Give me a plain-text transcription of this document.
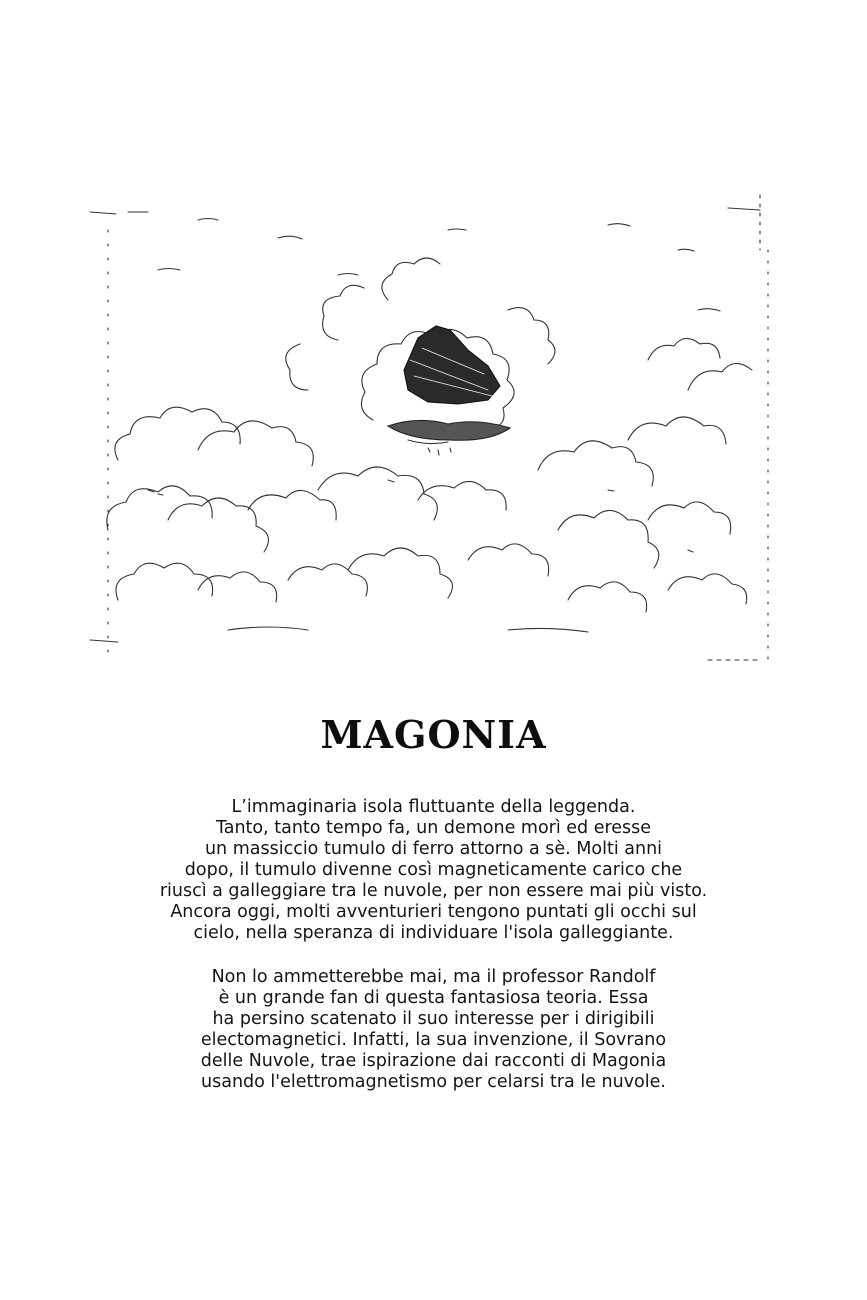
MAGONIA

L’immaginaria isola fluttuante della leggenda.
Tanto, tanto tempo fa, un demone morì ed eresse
un massiccio tumulo di ferro attorno a sè. Molti anni
dopo, il tumulo divenne così magneticamente carico che
riuscì a galleggiare tra le nuvole, per non essere mai più visto.
Ancora oggi, molti avventurieri tengono puntati gli occhi sul
cielo, nella speranza di individuare l'isola galleggiante.

Non lo ammetterebbe mai, ma il professor Randolf
è un grande fan di questa fantasiosa teoria. Essa
ha persino scatenato il suo interesse per i dirigibili
electomagnetici. Infatti, la sua invenzione, il Sovrano
delle Nuvole, trae ispirazione dai racconti di Magonia
usando l'elettromagnetismo per celarsi tra le nuvole.
